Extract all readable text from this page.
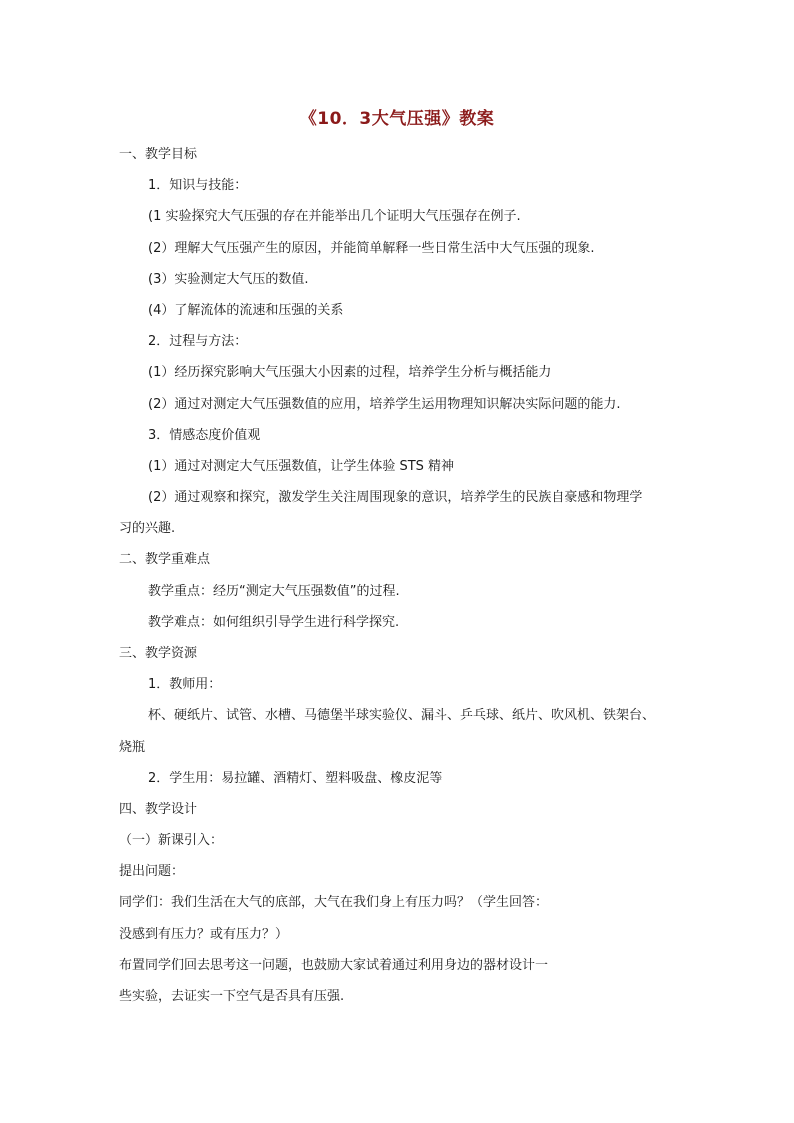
《10．3大气压强》教案
一、教学目标
1．知识与技能：
(1 实验探究大气压强的存在并能举出几个证明大气压强存在例子.
(2）理解大气压强产生的原因，并能简单解释一些日常生活中大气压强的现象.
(3）实验测定大气压的数值.
(4）了解流体的流速和压强的关系
2．过程与方法：
(1）经历探究影响大气压强大小因素的过程，培养学生分析与概括能力
(2）通过对测定大气压强数值的应用，培养学生运用物理知识解决实际问题的能力.
3．情感态度价值观
(1）通过对测定大气压强数值，让学生体验 STS 精神
(2）通过观察和探究，激发学生关注周围现象的意识，培养学生的民族自豪感和物理学
习的兴趣.
二、教学重难点
教学重点：经历“测定大气压强数值”的过程.
教学难点：如何组织引导学生进行科学探究.
三、教学资源
1．教师用：
杯、硬纸片、试管、水槽、马德堡半球实验仪、漏斗、乒乓球、纸片、吹风机、铁架台、
烧瓶
2．学生用：易拉罐、酒精灯、塑料吸盘、橡皮泥等
四、教学设计
（一）新课引入：
提出问题：
同学们：我们生活在大气的底部，大气在我们身上有压力吗？（学生回答：
没感到有压力？或有压力？）
布置同学们回去思考这一问题，也鼓励大家试着通过利用身边的器材设计一
些实验，去证实一下空气是否具有压强.
